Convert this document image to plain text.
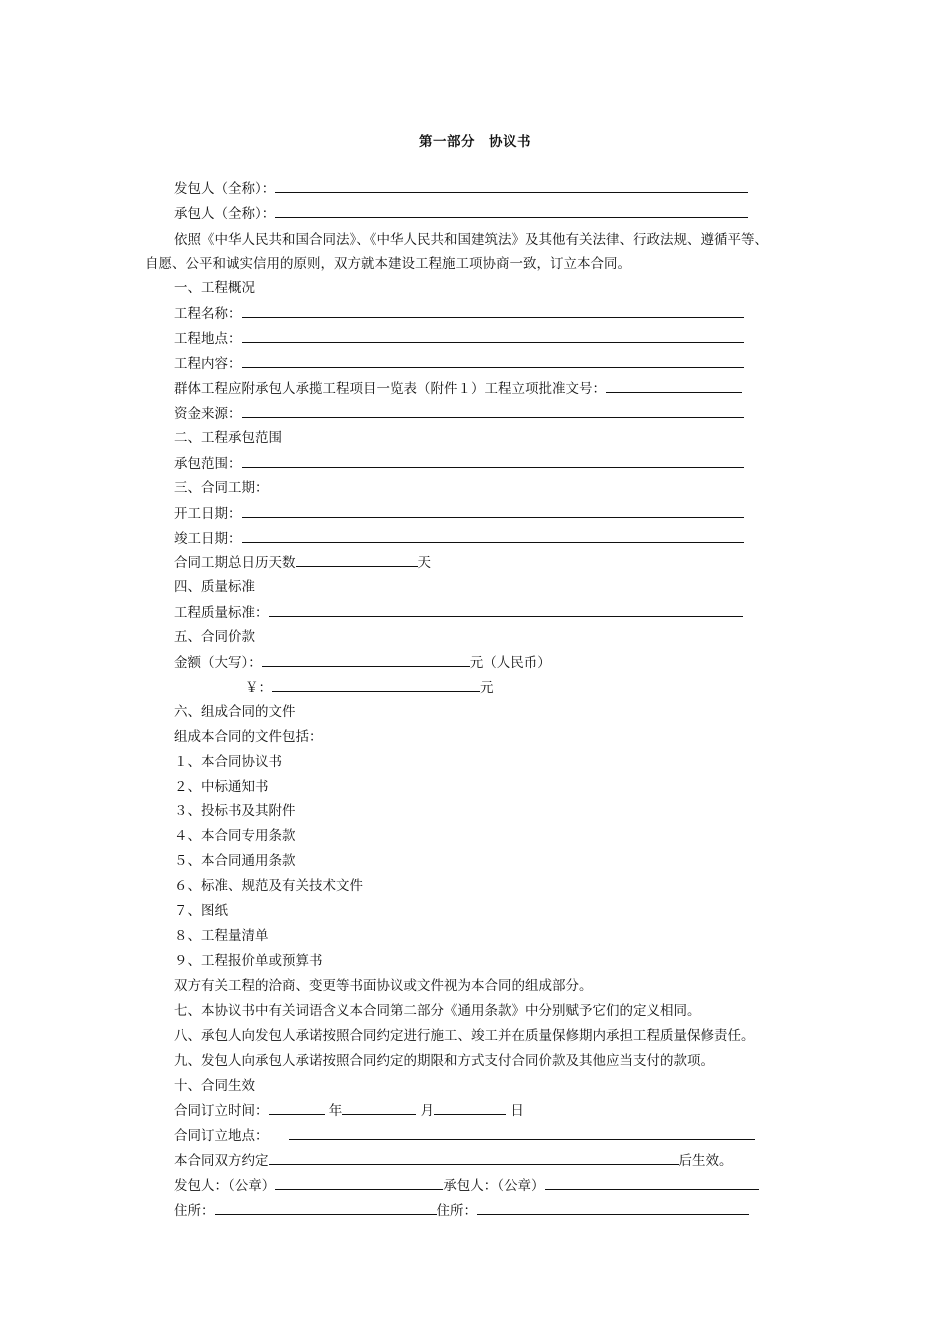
第一部分　协议书
发包人（全称）：
承包人（全称）：
依照《中华人民共和国合同法》、《中华人民共和国建筑法》及其他有关法律、行政法规、遵循平等、
自愿、公平和诚实信用的原则，双方就本建设工程施工项协商一致，订立本合同。
一、工程概况
工程名称：
工程地点：
工程内容：
群体工程应附承包人承揽工程项目一览表（附件１）工程立项批准文号：
资金来源：
二、工程承包范围
承包范围：
三、合同工期：
开工日期：
竣工日期：
合同工期总日历天数	天
四、质量标准
工程质量标准：
五、合同价款
金额（大写）：	元（人民币）
￥：	元
六、组成合同的文件
组成本合同的文件包括：
１、本合同协议书
２、中标通知书
３、投标书及其附件
４、本合同专用条款
５、本合同通用条款
６、标准、规范及有关技术文件
７、图纸
８、工程量清单
９、工程报价单或预算书
双方有关工程的洽商、变更等书面协议或文件视为本合同的组成部分。
七、本协议书中有关词语含义本合同第二部分《通用条款》中分别赋予它们的定义相同。
八、承包人向发包人承诺按照合同约定进行施工、竣工并在质量保修期内承担工程质量保修责任。
九、发包人向承包人承诺按照合同约定的期限和方式支付合同价款及其他应当支付的款项。
十、合同生效
合同订立时间：	年	月	日
合同订立地点：
本合同双方约定	后生效。
发包人：（公章）	承包人：（公章）
住所：	住所：
